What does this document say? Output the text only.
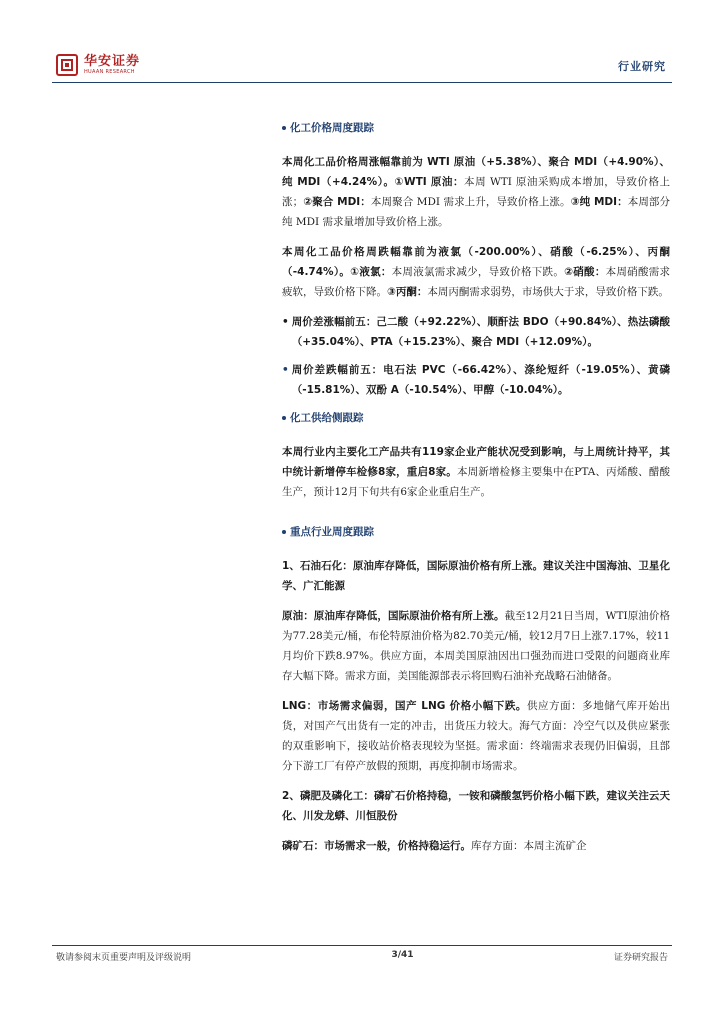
华安证券
HUAAN RESEARCH	行业研究
化工价格周度跟踪

本周化工品价格周涨幅靠前为 WTI 原油（+5.38%）、聚合 MDI（+4.90%）、纯 MDI（+4.24%）。①WTI 原油：本周 WTI 原油采购成本增加，导致价格上涨；②聚合 MDI：本周聚合 MDI 需求上升，导致价格上涨。③纯 MDI：本周部分纯 MDI 需求量增加导致价格上涨。

本周化工品价格周跌幅靠前为液氯（-200.00%）、硝酸（-6.25%）、丙酮（-4.74%）。①液氯：本周液氯需求减少，导致价格下跌。②硝酸：本周硝酸需求疲软，导致价格下降。③丙酮：本周丙酮需求弱势，市场供大于求，导致价格下跌。

• 周价差涨幅前五：己二酸（+92.22%）、顺酐法 BDO（+90.84%）、热法磷酸（+35.04%）、PTA（+15.23%）、聚合 MDI（+12.09%）。
• 周价差跌幅前五：电石法 PVC（-66.42%）、涤纶短纤（-19.05%）、黄磷（-15.81%）、双酚 A（-10.54%）、甲醇（-10.04%）。
化工供给侧跟踪

本周行业内主要化工产品共有119家企业产能状况受到影响，与上周统计持平，其中统计新增停车检修8家，重启8家。本周新增检修主要集中在PTA、丙烯酸、醋酸生产，预计12月下旬共有6家企业重启生产。

重点行业周度跟踪

1、石油石化：原油库存降低，国际原油价格有所上涨。建议关注中国海油、卫星化学、广汇能源

原油：原油库存降低，国际原油价格有所上涨。截至12月21日当周，WTI原油价格为77.28美元/桶，布伦特原油价格为82.70美元/桶，较12月7日上涨7.17%，较11月均价下跌8.97%。供应方面，本周美国原油因出口强劲而进口受限的问题商业库存大幅下降。需求方面，美国能源部表示将回购石油补充战略石油储备。

LNG：市场需求偏弱，国产 LNG 价格小幅下跌。供应方面：多地储气库开始出货，对国产气出货有一定的冲击，出货压力较大。海气方面：冷空气以及供应紧张的双重影响下，接收站价格表现较为坚挺。需求面：终端需求表现仍旧偏弱，且部分下游工厂有停产放假的预期，再度抑制市场需求。

2、磷肥及磷化工：磷矿石价格持稳，一铵和磷酸氢钙价格小幅下跌，建议关注云天化、川发龙蟒、川恒股份

磷矿石：市场需求一般，价格持稳运行。库存方面：本周主流矿企

敬请参阅末页重要声明及评级说明	3/41	证券研究报告
